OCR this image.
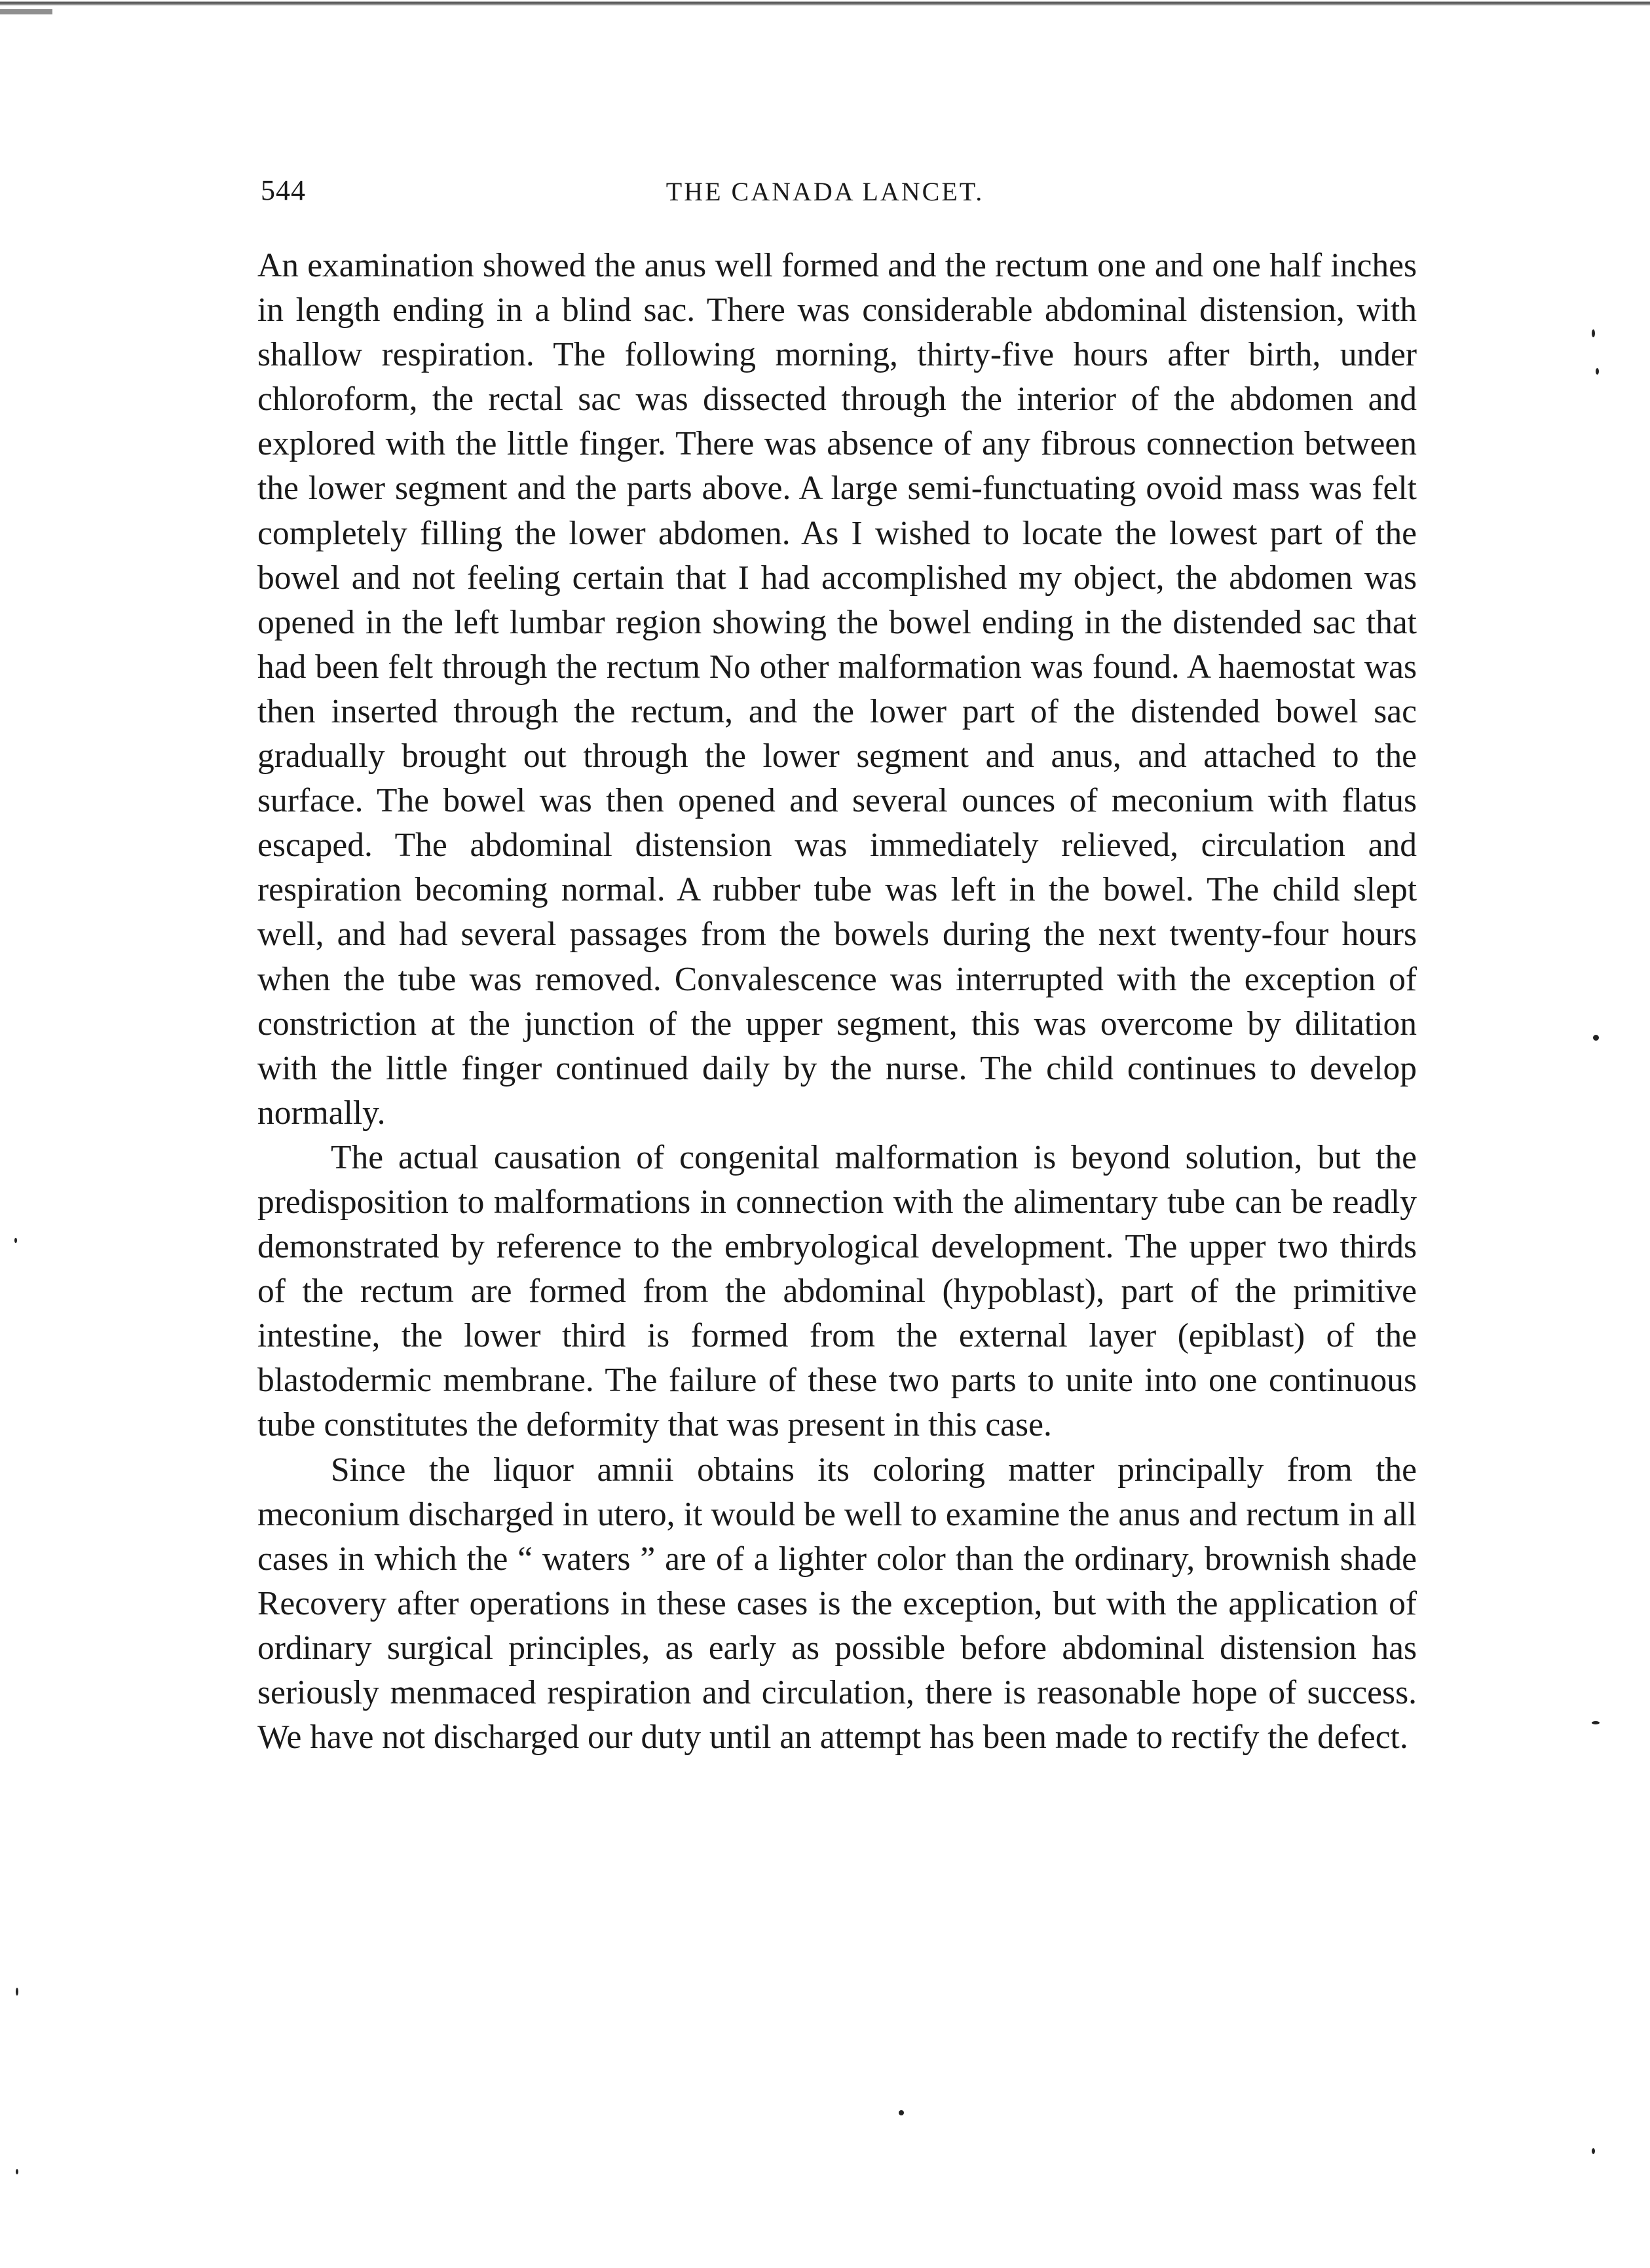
544	THE CANADA LANCET.

An examination showed the anus well formed and the rectum one and one half inches in length ending in a blind sac. There was considerable abdominal distension, with shallow respiration. The following morning, thirty-five hours after birth, under chloroform, the rectal sac was dissected through the interior of the abdomen and explored with the little finger. There was absence of any fibrous connection between the lower segment and the parts above. A large semi-functuating ovoid mass was felt completely filling the lower abdomen. As I wished to locate the lowest part of the bowel and not feeling certain that I had accomplished my object, the abdomen was opened in the left lumbar region showing the bowel ending in the distended sac that had been felt through the rectum No other malformation was found. A haemostat was then inserted through the rectum, and the lower part of the distended bowel sac gradually brought out through the lower segment and anus, and attached to the surface. The bowel was then opened and several ounces of meconium with flatus escaped. The abdominal distension was immediately relieved, circulation and respiration becoming normal. A rubber tube was left in the bowel. The child slept well, and had several passages from the bowels during the next twenty-four hours when the tube was removed. Convalescence was interrupted with the exception of constriction at the junction of the upper segment, this was overcome by dilitation with the little finger continued daily by the nurse. The child continues to develop normally.

The actual causation of congenital malformation is beyond solution, but the predisposition to malformations in connection with the alimentary tube can be readly demonstrated by reference to the embryological development. The upper two thirds of the rectum are formed from the abdominal (hypoblast), part of the primitive intestine, the lower third is formed from the external layer (epiblast) of the blastodermic membrane. The failure of these two parts to unite into one continuous tube constitutes the deformity that was present in this case.

Since the liquor amnii obtains its coloring matter principally from the meconium discharged in utero, it would be well to examine the anus and rectum in all cases in which the “ waters ” are of a lighter color than the ordinary, brownish shade Recovery after operations in these cases is the exception, but with the application of ordinary surgical principles, as early as possible before abdominal distension has seriously menmaced respiration and circulation, there is reasonable hope of success. We have not discharged our duty until an attempt has been made to rectify the defect.
